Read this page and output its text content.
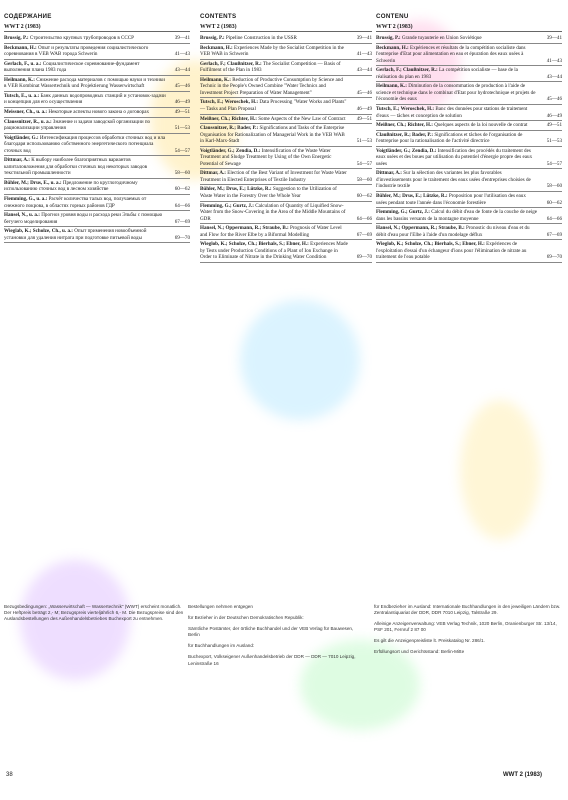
СОДЕРЖАНИЕ
WWT 2 (1983)
Brussig, P.: Строительство крупных трубопроводов в СССР	39—41
Beckmann, H.: Опыт и результаты проведения социалистического соревнования в VEB WAB города Schwerin	41—43
Gerlach, F., u. a.: Социалистическое соревнование-фундамент выполнения плана 1983 года	43—44
Heilmann, K.: Снижение расхода материалов с помощью науки и техники в VEB Kombinat Wassertechnik und Projektierung Wasserwirtschaft	45—46
Tutsch, E., u. a.: Банк данных водопроводных станций и установок-задачи и концепция для его осуществления	46—49
Meissner, Ch., u. a.: Некоторые аспекты нового закона о договорах	49—51
Claussnitzer, R., u. a.: Значение и задачи заводской организации по рационализации управления	51—53
Voigtländer, G.: Интенсификация процессов обработки сточных вод и ила благодаря использованию собственного энергетического потенциала сточных вод	54—57
Dittmar, A.: К выбору наиболее благоприятных вариантов капиталовложения для обработки сточных вод некоторых заводов текстильной промышленности	58—60
Bühler, M.; Drus, E., u. a.: Предложение по круглогодичному использованию сточных вод в лесном хозяйстве	60—62
Flemming, G., u. a.: Расчёт количества талых вод, получаемых от снежного покрова, в областях горных районов ГДР	64—66
Hansel, N., u. a.: Прогноз уровня воды и расхода реки Эльбы с помощью бегучего моделирования	67—69
Wieglab, K.; Scholze, Ch., u. a.: Опыт применения новообъемной установки для удаления нитрата при подготовке питьевой воды	69—70
CONTENTS
WWT 2 (1983)
Brussig, P.: Pipeline Construction in the USSR	39—41
Beckmann, H.: Experiences Made by the Socialist Competition in the VEB WAB in Schwerin	41—43
Gerlach, F.; Claußnitzer, R.: The Socialist Competition — Basis of Fulfilment of the Plan in 1983	43—44
Heilmann, K.: Reduction of Productive Consumption by Science and Technic in the People's Owned Combine "Water Technics and Investment Project Preparation of Water Management"	45—46
Tutsch, E.; Weroschek, H.: Data Processing "Water Works and Plants" — Tasks and Plan Proposal	46—49
Meißner, Ch.; Richter, H.: Some Aspects of the New Law of Contract	49—51
Claussnitzer, R.; Bader, P.: Significations and Tasks of the Enterprise Organisation for Rationalization of Managerial Work in the VEB WAB in Karl-Marx-Stadt	51—53
Voigtländer, G.; Zendia, D.: Intensification of the Waste Water Treatment and Sludge Treatment by Using of the Own Energetic Potential of Sewage	54—57
Dittmar, A.: Election of the Best Variant of Investment for Waste Water Treatment in Elected Enterprises of Textile Industry	58—60
Bühler, M.; Drus, E.; Lützke, R.: Suggestion to the Utilization of Waste Water in the Forestry Over the Whole Year	60—62
Flemming, G.; Gurtz, J.: Calculation of Quantity of Liquified Snow-Water from the Snow-Covering in the Area of the Middle Mountains of GDR	64—66
Hansel, N.; Oppermann, R.; Straube, B.: Prognosis of Water Level and Flow for the River Elbe by a Biformal Modelling	67—69
Wieglob, K.; Scholze, Ch.; Bierhals, S.; Ebner, H.: Experiences Made by Tests under Production Conditions of a Plant of Ion Exchange in Order to Eliminate of Nitrate in the Drinking Water Condition	69—70
CONTENU
WWT 2 (1983)
Brussig, P.: Grande tuyauterie en Union Soviétique	39—41
Beckmann, H.: Expériences et résultats de la compétition socialiste dans l'entreprise d'Etat pour alimentation en eau et épuration des eaux usées à Schwerin	41—43
Gerlach, F.; Claußnitzer, R.: La compétition socialiste — base de la réalisation du plan en 1983	43—44
Heilmann, K.: Diminution de la consommation de production à l'aide de science et technique dans le combinat d'Etat pour hydrotechnique et projets de l'économie des eaux	45—46
Tutsch, E.; Weroschek, H.: Banc des données pour stations de traitement d'eaux — tâches et conception de solution	46—49
Meißner, Ch.; Richter, H.: Quelques aspects de la loi nouvelle de contrat	49—51
Claußnitzer, R.; Bader, P.: Significations et tâches de l'organisation de l'entreprise pour la rationalisation de l'activité directrice	51—53
Voigtländer, G.; Zendia, D.: Intensification des procédés du traitement des eaux usées et des boues par utilisation du potentiel d'énergie propre des eaux usées	54—57
Dittmar, A.: Sur la sélection des variantes les plus favorables d'investissements pour le traitement des eaux usées d'entreprises choisies de l'industrie textile	58—60
Bühler, M.; Drus, E.; Lützke, R.: Proposition pour l'utilisation des eaux usées pendant toute l'année dans l'économie forestière	60—62
Flemming, G.; Gurtz, J.: Calcul du débit d'eau de fonte de la couche de neige dans les bassins versants de la montagne moyenne	64—66
Hansel, N.; Oppermann, R.; Straube, B.: Pronostic du niveau d'eau et du débit d'eau pour l'Elbe à l'aide d'un modelage déflux	67—69
Wieglob, K.; Scholze, Ch.; Bierhals, S.; Ebner, H.: Expériences de l'exploitation d'essai d'un échangeur d'ions pour l'élimination de nitrate au traitement de l'eau potable	69—70

Bezugsbedingungen: „Wasserwirtschaft — Wassertechnik" (WWT) erscheint monatlich. Der Heftpreis beträgt 2,- M; Bezugspreis vierteljährlich 6,- M. Die Bezugspreise sind den Auslandsbestellungen des Außenhandelsbetriebes Buchexport zu entnehmen.

Bestellungen nehmen entgegen

für Bezieher in der Deutschen Demokratischen Republik:

Sämtliche Postämter, der örtliche Buchhandel und der VEB Verlag für Bauwesen, Berlin

für Buchhandlungen im Ausland:

Buchexport, Volkseigener Außenhandelsbetrieb der DDR — DDR — 7010 Leipzig, Leninstraße 16

für Endbezieher im Ausland: Internationale Buchhandlungen in den jeweiligen Ländern bzw. Zentralantiquariat der DDR, DDR 7010 Leipzig, Talstraße 29.

Alleinige Anzeigenverwaltung: VEB Verlag Technik, 1020 Berlin, Oranienburger Str. 13/14, PSF 201, Fernruf 2 87 00

Es gilt die Anzeigenpreisliste lt. Preiskatalog Nr. 286/1.

Erfüllungsort und Gerichtsstand: Berlin-Mitte

38	WWT 2 (1983)
